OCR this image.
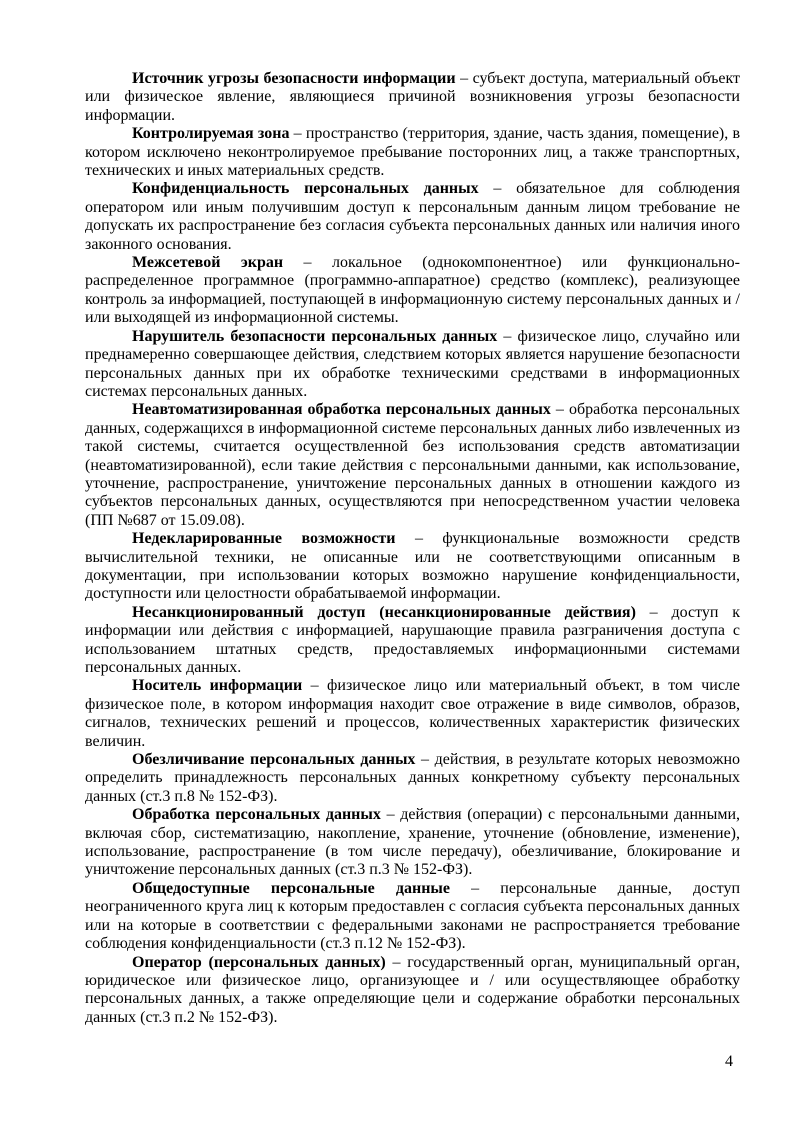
Источник угрозы безопасности информации – субъект доступа, материальный объект или физическое явление, являющиеся причиной возникновения угрозы безопасности информации.

Контролируемая зона – пространство (территория, здание, часть здания, помещение), в котором исключено неконтролируемое пребывание посторонних лиц, а также транспортных, технических и иных материальных средств.

Конфиденциальность персональных данных – обязательное для соблюдения оператором или иным получившим доступ к персональным данным лицом требование не допускать их распространение без согласия субъекта персональных данных или наличия иного законного основания.

Межсетевой экран – локальное (однокомпонентное) или функционально-распределенное программное (программно-аппаратное) средство (комплекс), реализующее контроль за информацией, поступающей в информационную систему персональных данных и / или выходящей из информационной системы.

Нарушитель безопасности персональных данных – физическое лицо, случайно или преднамеренно совершающее действия, следствием которых является нарушение безопасности персональных данных при их обработке техническими средствами в информационных системах персональных данных.

Неавтоматизированная обработка персональных данных – обработка персональных данных, содержащихся в информационной системе персональных данных либо извлеченных из такой системы, считается осуществленной без использования средств автоматизации (неавтоматизированной), если такие действия с персональными данными, как использование, уточнение, распространение, уничтожение персональных данных в отношении каждого из субъектов персональных данных, осуществляются при непосредственном участии человека (ПП №687 от 15.09.08).

Недекларированные возможности – функциональные возможности средств вычислительной техники, не описанные или не соответствующими описанным в документации, при использовании которых возможно нарушение конфиденциальности, доступности или целостности обрабатываемой информации.

Несанкционированный доступ (несанкционированные действия) – доступ к информации или действия с информацией, нарушающие правила разграничения доступа с использованием штатных средств, предоставляемых информационными системами персональных данных.

Носитель информации – физическое лицо или материальный объект, в том числе физическое поле, в котором информация находит свое отражение в виде символов, образов, сигналов, технических решений и процессов, количественных характеристик физических величин.

Обезличивание персональных данных – действия, в результате которых невозможно определить принадлежность персональных данных конкретному субъекту персональных данных (ст.3 п.8 № 152-ФЗ).

Обработка персональных данных – действия (операции) с персональными данными, включая сбор, систематизацию, накопление, хранение, уточнение (обновление, изменение), использование, распространение (в том числе передачу), обезличивание, блокирование и уничтожение персональных данных (ст.3 п.3 № 152-ФЗ).

Общедоступные персональные данные – персональные данные, доступ неограниченного круга лиц к которым предоставлен с согласия субъекта персональных данных или на которые в соответствии с федеральными законами не распространяется требование соблюдения конфиденциальности (ст.3 п.12 № 152-ФЗ).

Оператор (персональных данных) – государственный орган, муниципальный орган, юридическое или физическое лицо, организующее и / или осуществляющее обработку персональных данных, а также определяющие цели и содержание обработки персональных данных (ст.3 п.2 № 152-ФЗ).

4
